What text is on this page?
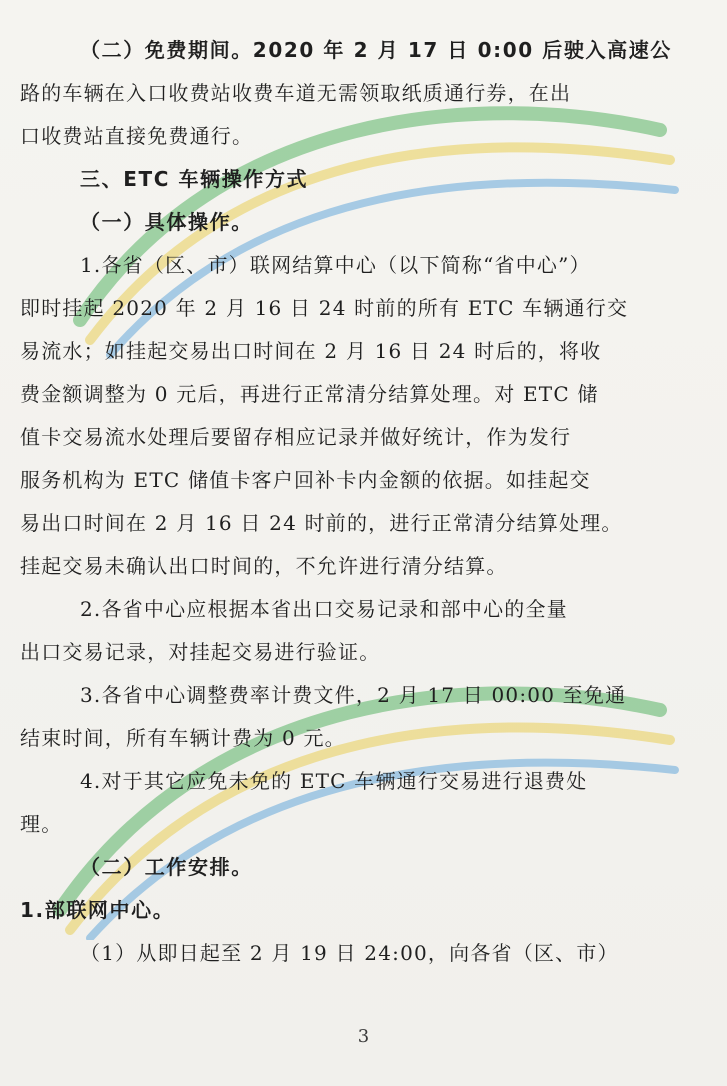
（二）免费期间。2020 年 2 月 17 日 0:00 后驶入高速公
路的车辆在入口收费站收费车道无需领取纸质通行券，在出
口收费站直接免费通行。
三、ETC 车辆操作方式
（一）具体操作。
1.各省（区、市）联网结算中心（以下简称“省中心”）
即时挂起 2020 年 2 月 16 日 24 时前的所有 ETC 车辆通行交
易流水；如挂起交易出口时间在 2 月 16 日 24 时后的，将收
费金额调整为 0 元后，再进行正常清分结算处理。对 ETC 储
值卡交易流水处理后要留存相应记录并做好统计，作为发行
服务机构为 ETC 储值卡客户回补卡内金额的依据。如挂起交
易出口时间在 2 月 16 日 24 时前的，进行正常清分结算处理。
挂起交易未确认出口时间的，不允许进行清分结算。
2.各省中心应根据本省出口交易记录和部中心的全量
出口交易记录，对挂起交易进行验证。
3.各省中心调整费率计费文件，2 月 17 日 00:00 至免通
结束时间，所有车辆计费为 0 元。
4.对于其它应免未免的 ETC 车辆通行交易进行退费处
理。
（二）工作安排。
1.部联网中心。
（1）从即日起至 2 月 19 日 24:00，向各省（区、市）
3
